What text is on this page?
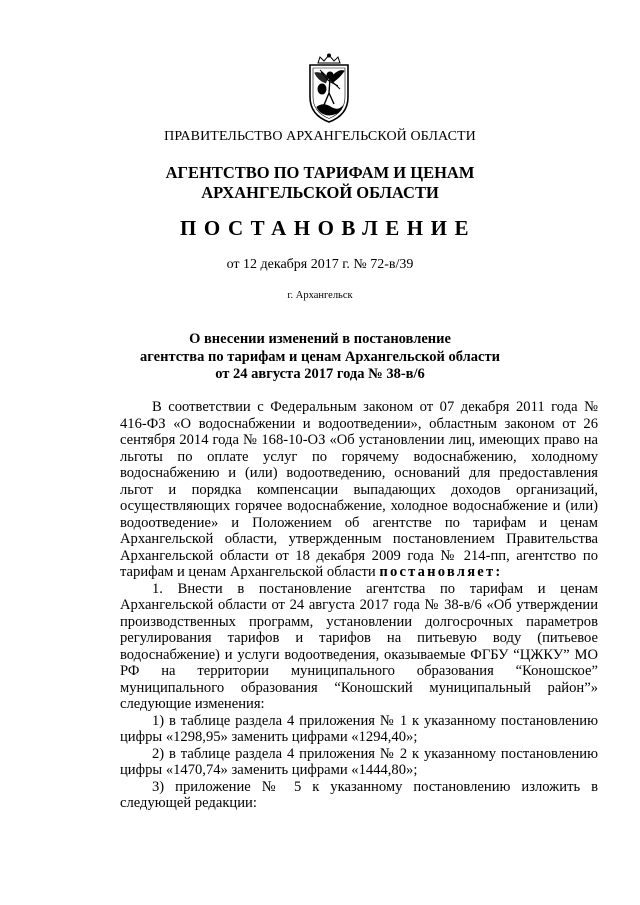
ПРАВИТЕЛЬСТВО АРХАНГЕЛЬСКОЙ ОБЛАСТИ
АГЕНТСТВО ПО ТАРИФАМ И ЦЕНАМ
АРХАНГЕЛЬСКОЙ ОБЛАСТИ
ПОСТАНОВЛЕНИЕ
от 12 декабря 2017 г. № 72-в/39
г. Архангельск
О внесении изменений в постановление
агентства по тарифам и ценам Архангельской области
от 24 августа 2017 года № 38-в/6

В соответствии с Федеральным законом от 07 декабря 2011 года № 416-ФЗ «О водоснабжении и водоотведении», областным законом от 26 сентября 2014 года № 168-10-ОЗ «Об установлении лиц, имеющих право на льготы по оплате услуг по горячему водоснабжению, холодному водоснабжению и (или) водоотведению, оснований для предоставления льгот и порядка компенсации выпадающих доходов организаций, осуществляющих горячее водоснабжение, холодное водоснабжение и (или) водоотведение» и Положением об агентстве по тарифам и ценам Архангельской области, утвержденным постановлением Правительства Архангельской области от 18 декабря 2009 года № 214-пп, агентство по тарифам и ценам Архангельской области постановляет:

1. Внести в постановление агентства по тарифам и ценам Архангельской области от 24 августа 2017 года № 38-в/6 «Об утверждении производственных программ, установлении долгосрочных параметров регулирования тарифов и тарифов на питьевую воду (питьевое водоснабжение) и услуги водоотведения, оказываемые ФГБУ “ЦЖКУ” МО РФ на территории муниципального образования “Коношское” муниципального образования “Коношский муниципальный район”» следующие изменения:

1) в таблице раздела 4 приложения № 1 к указанному постановлению цифры «1298,95» заменить цифрами «1294,40»;

2) в таблице раздела 4 приложения № 2 к указанному постановлению цифры «1470,74» заменить цифрами «1444,80»;

3) приложение № 5 к указанному постановлению изложить в следующей редакции:
